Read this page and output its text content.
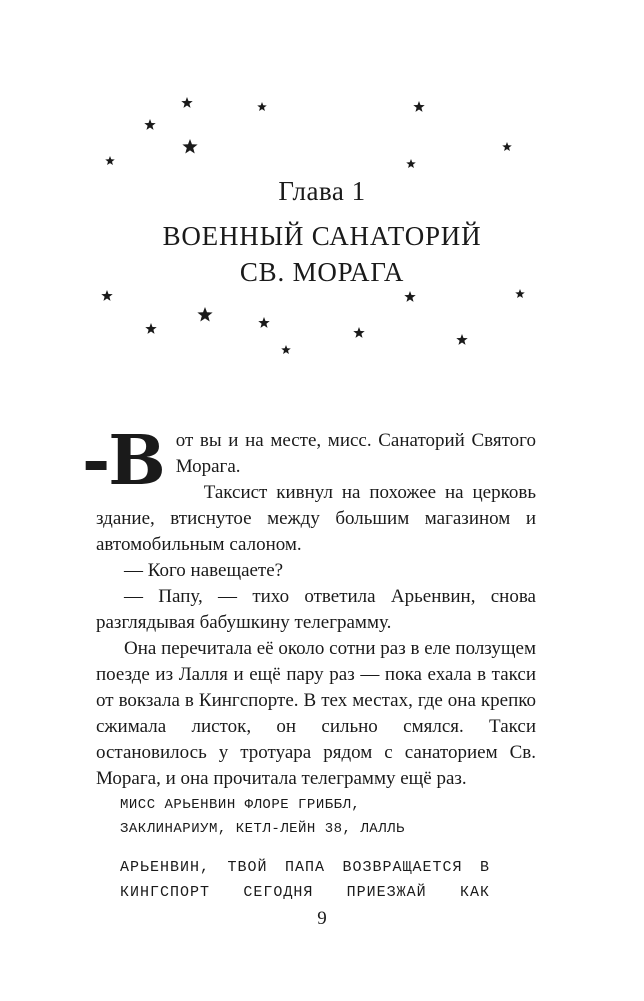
Глава 1
ВОЕННЫЙ САНАТОРИЙ
СВ. МОРАГА

-В от вы и на месте, мисс. Санаторий Святого Морага.

Таксист кивнул на похожее на церковь здание, втиснутое между большим магазином и автомобильным салоном.

— Кого навещаете?

— Папу, — тихо ответила Арьенвин, снова разглядывая бабушкину телеграмму.

Она перечитала её около сотни раз в еле ползущем поезде из Лалля и ещё пару раз — пока ехала в такси от вокзала в Кингспорте. В тех местах, где она крепко сжимала листок, он сильно смялся. Такси остановилось у тротуара рядом с санаторием Св. Морага, и она прочитала телеграмму ещё раз.

МИСС АРЬЕНВИН ФЛОРЕ ГРИББЛ,
ЗАКЛИНАРИУМ, КЕТЛ-ЛЕЙН 38, ЛАЛЛЬ
АРЬЕНВИН, ТВОЙ ПАПА ВОЗВРАЩАЕТСЯ В КИНГСПОРТ СЕГОДНЯ ПРИЕЗЖАЙ КАК
9
